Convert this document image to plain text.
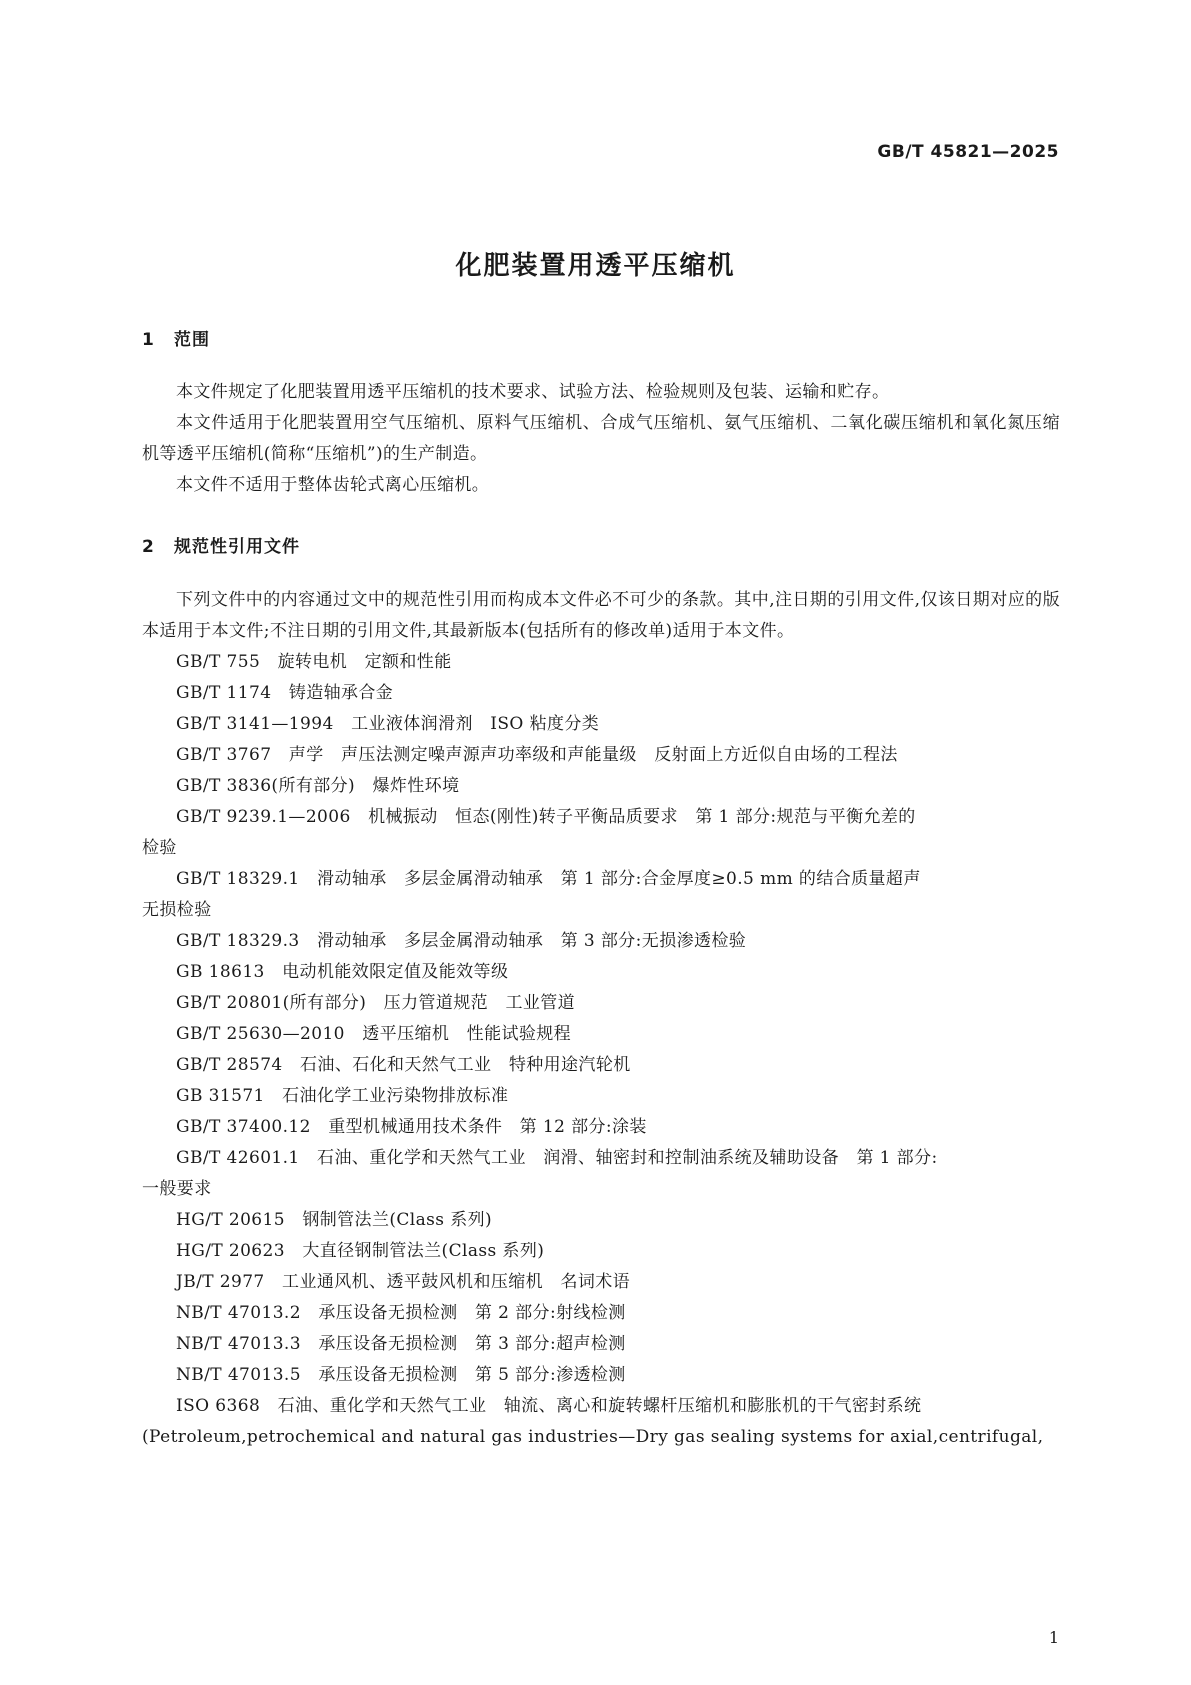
GB/T 45821—2025
化肥装置用透平压缩机
1 范围

本文件规定了化肥装置用透平压缩机的技术要求、试验方法、检验规则及包装、运输和贮存。

本文件适用于化肥装置用空气压缩机、原料气压缩机、合成气压缩机、氨气压缩机、二氧化碳压缩机和氧化氮压缩机等透平压缩机(简称“压缩机”)的生产制造。

本文件不适用于整体齿轮式离心压缩机。

2 规范性引用文件

下列文件中的内容通过文中的规范性引用而构成本文件必不可少的条款。其中,注日期的引用文件,仅该日期对应的版本适用于本文件;不注日期的引用文件,其最新版本(包括所有的修改单)适用于本文件。

GB/T 755　旋转电机　定额和性能

GB/T 1174　铸造轴承合金

GB/T 3141—1994　工业液体润滑剂　ISO 粘度分类

GB/T 3767　声学　声压法测定噪声源声功率级和声能量级　反射面上方近似自由场的工程法

GB/T 3836(所有部分)　爆炸性环境

GB/T 9239.1—2006　机械振动　恒态(刚性)转子平衡品质要求　第 1 部分:规范与平衡允差的

检验

GB/T 18329.1　滑动轴承　多层金属滑动轴承　第 1 部分:合金厚度≥0.5 mm 的结合质量超声

无损检验

GB/T 18329.3　滑动轴承　多层金属滑动轴承　第 3 部分:无损渗透检验

GB 18613　电动机能效限定值及能效等级

GB/T 20801(所有部分)　压力管道规范　工业管道

GB/T 25630—2010　透平压缩机　性能试验规程

GB/T 28574　石油、石化和天然气工业　特种用途汽轮机

GB 31571　石油化学工业污染物排放标准

GB/T 37400.12　重型机械通用技术条件　第 12 部分:涂装

GB/T 42601.1　石油、重化学和天然气工业　润滑、轴密封和控制油系统及辅助设备　第 1 部分:

一般要求

HG/T 20615　钢制管法兰(Class 系列)

HG/T 20623　大直径钢制管法兰(Class 系列)

JB/T 2977　工业通风机、透平鼓风机和压缩机　名词术语

NB/T 47013.2　承压设备无损检测　第 2 部分:射线检测

NB/T 47013.3　承压设备无损检测　第 3 部分:超声检测

NB/T 47013.5　承压设备无损检测　第 5 部分:渗透检测

ISO 6368　石油、重化学和天然气工业　轴流、离心和旋转螺杆压缩机和膨胀机的干气密封系统

(Petroleum,petrochemical and natural gas industries—Dry gas sealing systems for axial,centrifugal,

1
